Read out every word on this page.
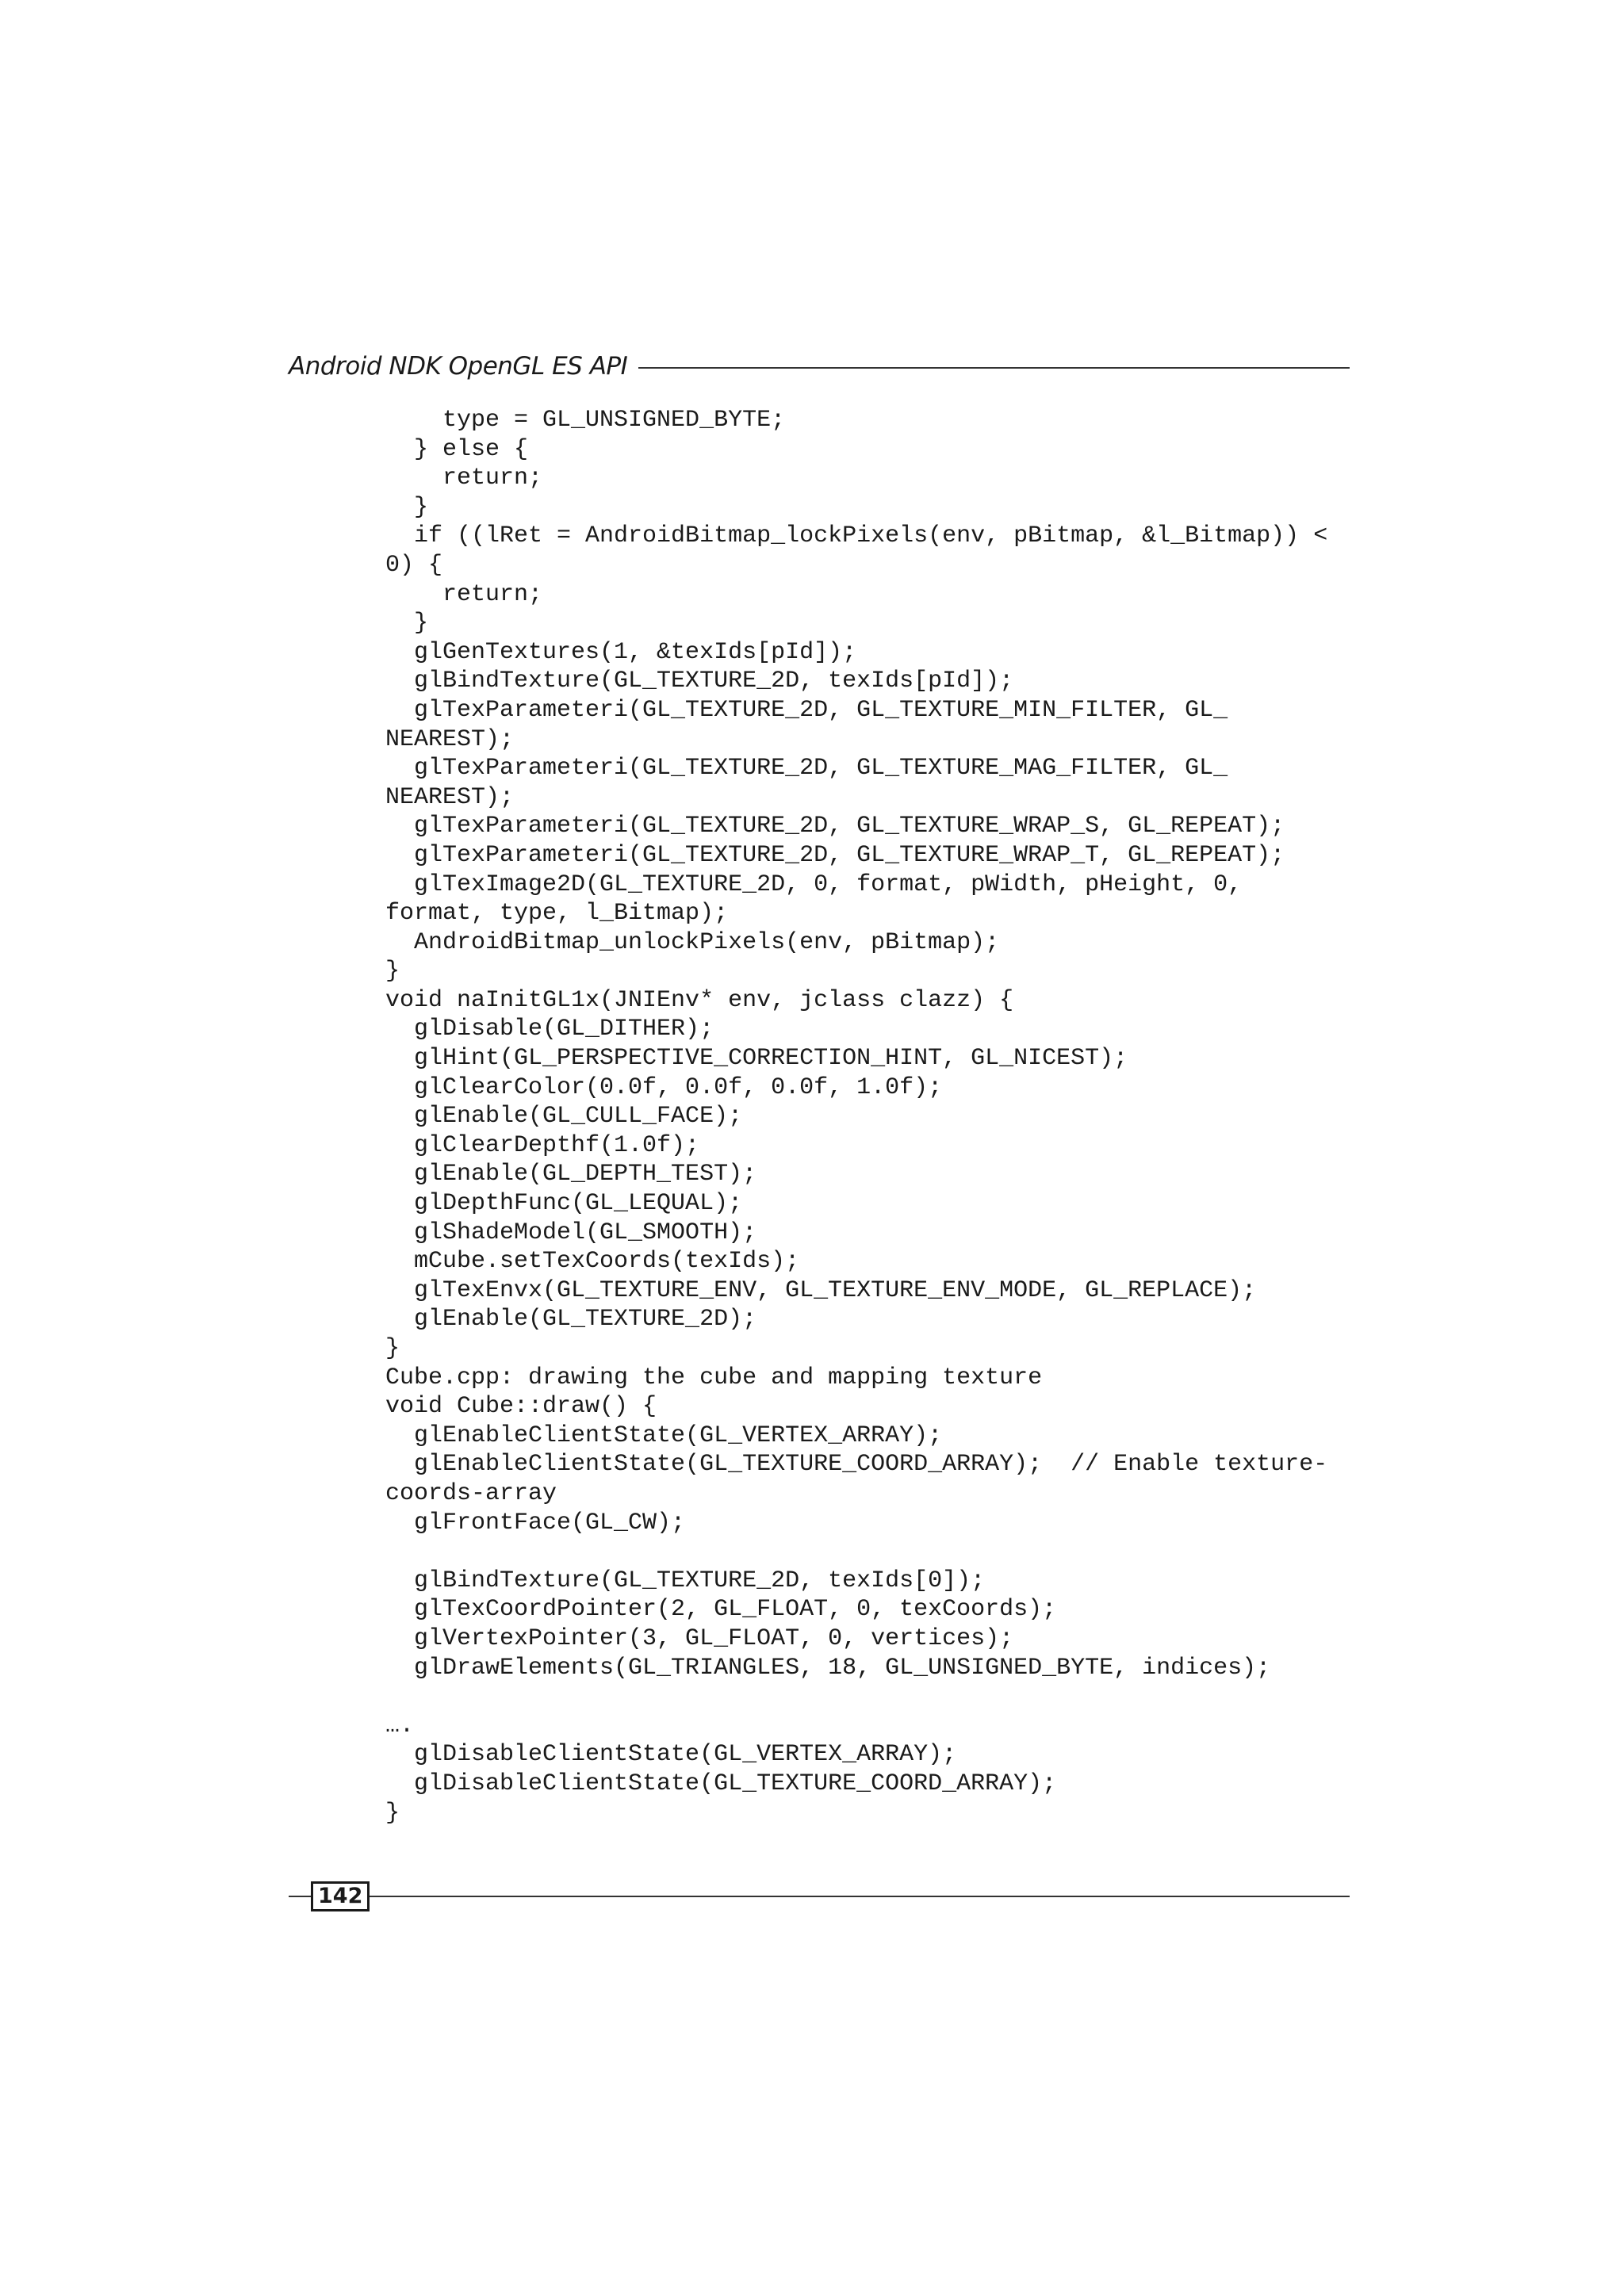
Android NDK OpenGL ES API
type = GL_UNSIGNED_BYTE;
} else {
return;
}
if ((lRet = AndroidBitmap_lockPixels(env, pBitmap, &l_Bitmap)) <
0) {
return;
}
glGenTextures(1, &texIds[pId]);
glBindTexture(GL_TEXTURE_2D, texIds[pId]);
glTexParameteri(GL_TEXTURE_2D, GL_TEXTURE_MIN_FILTER, GL_
NEAREST);
glTexParameteri(GL_TEXTURE_2D, GL_TEXTURE_MAG_FILTER, GL_
NEAREST);
glTexParameteri(GL_TEXTURE_2D, GL_TEXTURE_WRAP_S, GL_REPEAT);
glTexParameteri(GL_TEXTURE_2D, GL_TEXTURE_WRAP_T, GL_REPEAT);
glTexImage2D(GL_TEXTURE_2D, 0, format, pWidth, pHeight, 0,
format, type, l_Bitmap);
AndroidBitmap_unlockPixels(env, pBitmap);
}
void naInitGL1x(JNIEnv* env, jclass clazz) {
glDisable(GL_DITHER);
glHint(GL_PERSPECTIVE_CORRECTION_HINT, GL_NICEST);
glClearColor(0.0f, 0.0f, 0.0f, 1.0f);
glEnable(GL_CULL_FACE);
glClearDepthf(1.0f);
glEnable(GL_DEPTH_TEST);
glDepthFunc(GL_LEQUAL);
glShadeModel(GL_SMOOTH);
mCube.setTexCoords(texIds);
glTexEnvx(GL_TEXTURE_ENV, GL_TEXTURE_ENV_MODE, GL_REPLACE);
glEnable(GL_TEXTURE_2D);
}
Cube.cpp: drawing the cube and mapping texture
void Cube::draw() {
glEnableClientState(GL_VERTEX_ARRAY);
glEnableClientState(GL_TEXTURE_COORD_ARRAY);  // Enable texture-
coords-array
glFrontFace(GL_CW);

glBindTexture(GL_TEXTURE_2D, texIds[0]);
glTexCoordPointer(2, GL_FLOAT, 0, texCoords);
glVertexPointer(3, GL_FLOAT, 0, vertices);
glDrawElements(GL_TRIANGLES, 18, GL_UNSIGNED_BYTE, indices);

….
glDisableClientState(GL_VERTEX_ARRAY);
glDisableClientState(GL_TEXTURE_COORD_ARRAY);
}
142
